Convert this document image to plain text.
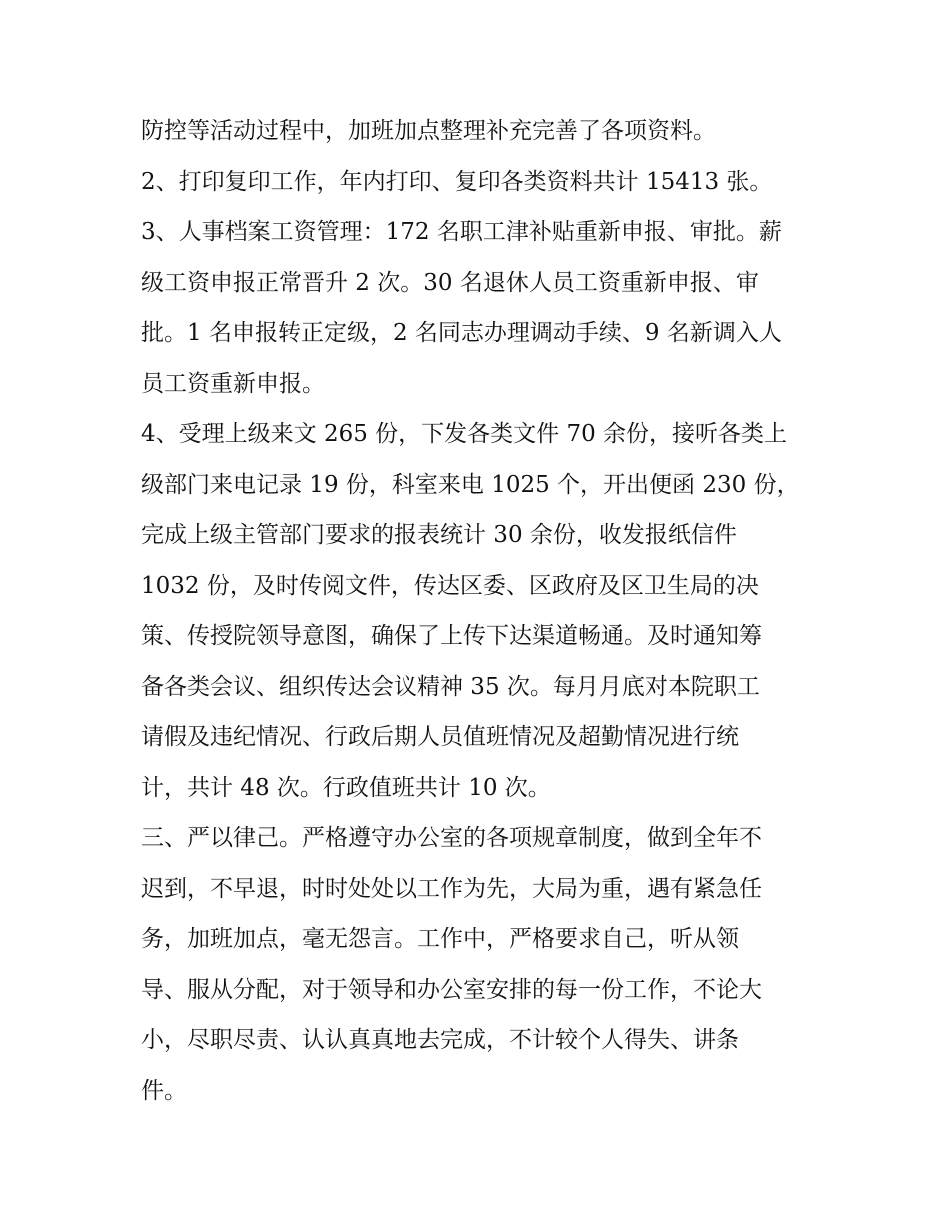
防控等活动过程中，加班加点整理补充完善了各项资料。
2、打印复印工作，年内打印、复印各类资料共计 15413 张。
3、人事档案工资管理：172 名职工津补贴重新申报、审批。薪
级工资申报正常晋升 2 次。30 名退休人员工资重新申报、审
批。1 名申报转正定级，2 名同志办理调动手续、9 名新调入人
员工资重新申报。
4、受理上级来文 265 份，下发各类文件 70 余份，接听各类上
级部门来电记录 19 份，科室来电 1025 个，开出便函 230 份，
完成上级主管部门要求的报表统计 30 余份，收发报纸信件
1032 份，及时传阅文件，传达区委、区政府及区卫生局的决
策、传授院领导意图，确保了上传下达渠道畅通。及时通知筹
备各类会议、组织传达会议精神 35 次。每月月底对本院职工
请假及违纪情况、行政后期人员值班情况及超勤情况进行统
计，共计 48 次。行政值班共计 10 次。
三、严以律己。严格遵守办公室的各项规章制度，做到全年不
迟到，不早退，时时处处以工作为先，大局为重，遇有紧急任
务，加班加点，毫无怨言。工作中，严格要求自己，听从领
导、服从分配，对于领导和办公室安排的每一份工作，不论大
小，尽职尽责、认认真真地去完成，不计较个人得失、讲条
件。
